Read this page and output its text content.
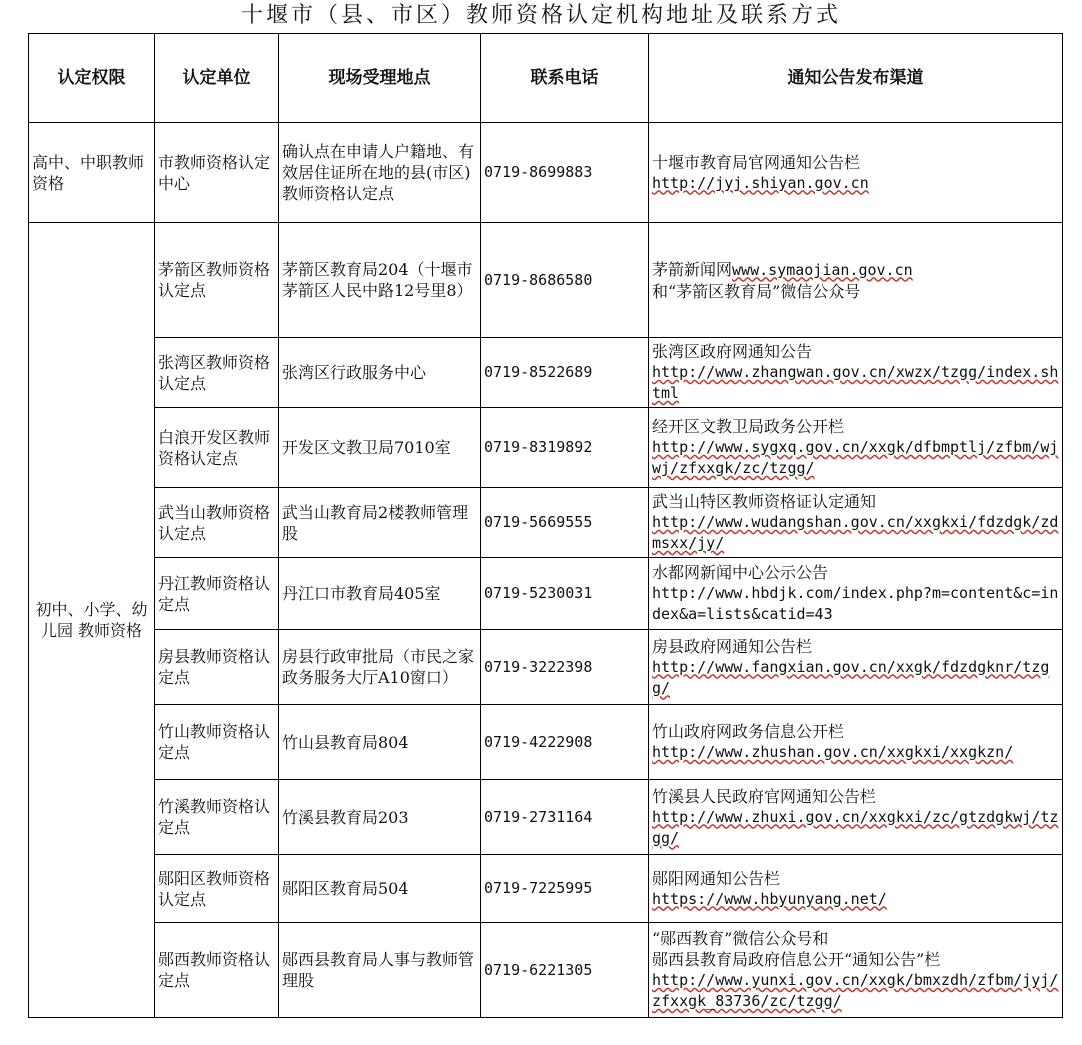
十堰市（县、市区）教师资格认定机构地址及联系方式
认定权限	认定单位	现场受理地点	联系电话	通知公告发布渠道
高中、中职教师资格	市教师资格认定中心	确认点在申请人户籍地、有效居住证所在地的县(市区)教师资格认定点	0719-8699883	十堰市教育局官网通知公告栏
http://jyj.shiyan.gov.cn

初中、小学、幼儿园 教师资格	茅箭区教师资格认定点	茅箭区教育局204（十堰市茅箭区人民中路12号里8）	0719-8686580	茅箭新闻网www.symaojian.gov.cn
和“茅箭区教育局”微信公众号

	张湾区教师资格认定点	张湾区行政服务中心	0719-8522689	张湾区政府网通知公告
http://www.zhangwan.gov.cn/xwzx/tzgg/index.shtml

	白浪开发区教师资格认定点	开发区文教卫局7010室	0719-8319892	经开区文教卫局政务公开栏
http://www.sygxq.gov.cn/xxgk/dfbmptlj/zfbm/wjwj/zfxxgk/zc/tzgg/

	武当山教师资格认定点	武当山教育局2楼教师管理股	0719-5669555	武当山特区教师资格证认定通知
http://www.wudangshan.gov.cn/xxgkxi/fdzdgk/zdmsxx/jy/

	丹江教师资格认定点	丹江口市教育局405室	0719-5230031	水都网新闻中心公示公告
http://www.hbdjk.com/index.php?m=content&c=index&a=lists&catid=43

	房县教师资格认定点	房县行政审批局（市民之家政务服务大厅A10窗口）	0719-3222398	房县政府网通知公告栏
http://www.fangxian.gov.cn/xxgk/fdzdgknr/tzgg/

	竹山教师资格认定点	竹山县教育局804	0719-4222908	竹山政府网政务信息公开栏
http://www.zhushan.gov.cn/xxgkxi/xxgkzn/

	竹溪教师资格认定点	竹溪县教育局203	0719-2731164	竹溪县人民政府官网通知公告栏
http://www.zhuxi.gov.cn/xxgkxi/zc/gtzdgkwj/tzgg/

	郧阳区教师资格认定点	郧阳区教育局504	0719-7225995	郧阳网通知公告栏
https://www.hbyunyang.net/

	郧西教师资格认定点	郧西县教育局人事与教师管理股	0719-6221305	“郧西教育”微信公众号和
郧西县教育局政府信息公开“通知公告”栏
http://www.yunxi.gov.cn/xxgk/bmxzdh/zfbm/jyj/zfxxgk_83736/zc/tzgg/
